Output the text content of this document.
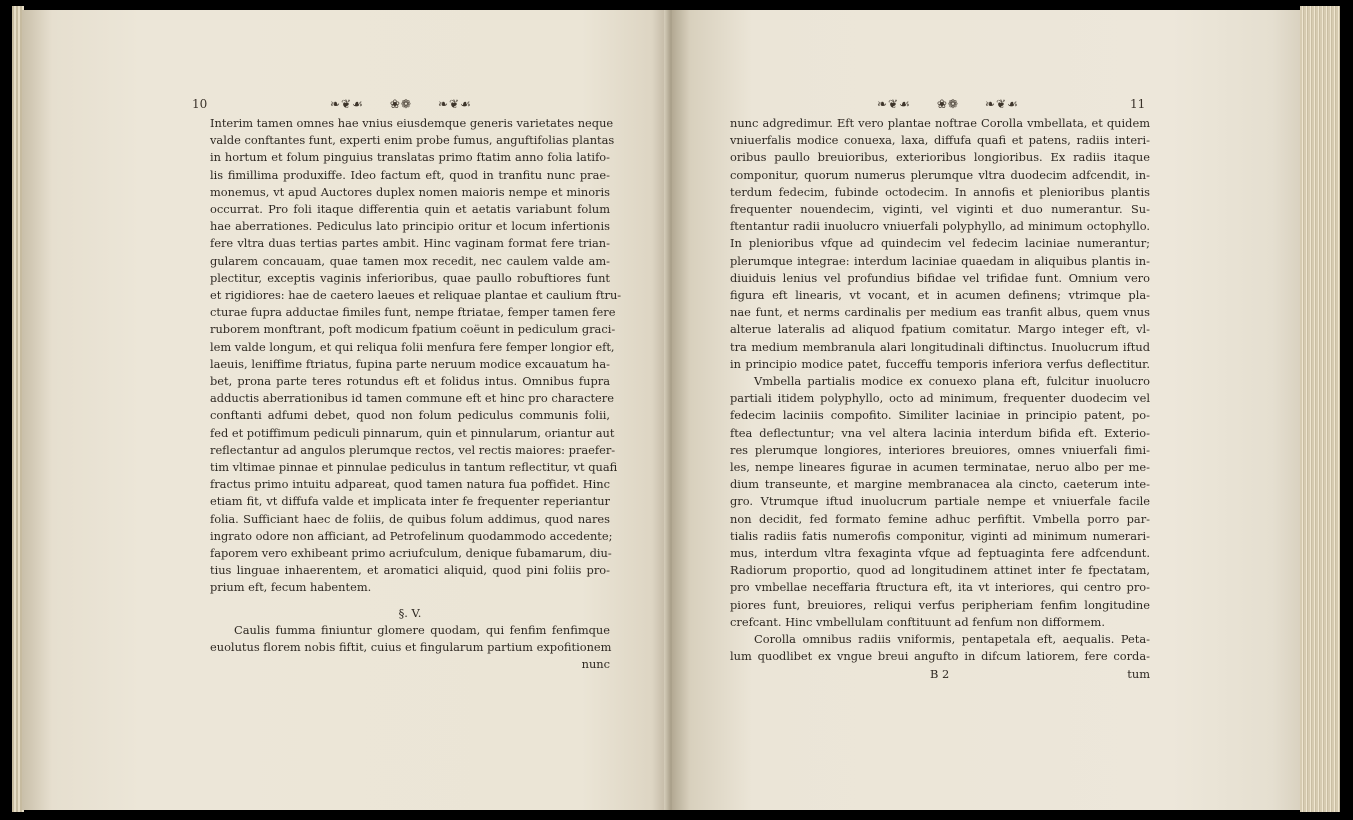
10	❧❦☙ ❀❁ ❧❦☙
Interim tamen omnes hae vnius eiusdemque generis varietates neque
valde conftantes funt, experti enim probe fumus, anguftifolias plantas
in hortum et folum pinguius translatas primo ftatim anno folia latifo-
lis fimillima produxiffe. Ideo factum eft, quod in tranfitu nunc prae-
monemus, vt apud Auctores duplex nomen maioris nempe et minoris
occurrat. Pro foli itaque differentia quin et aetatis variabunt folum
hae aberrationes. Pediculus lato principio oritur et locum infertionis
fere vltra duas tertias partes ambit. Hinc vaginam format fere trian-
gularem concauam, quae tamen mox recedit, nec caulem valde am-
plectitur, exceptis vaginis inferioribus, quae paullo robuftiores funt
et rigidiores: hae de caetero laeues et reliquae plantae et caulium ftru-
cturae fupra adductae fimiles funt, nempe ftriatae, femper tamen fere
ruborem monftrant, poft modicum fpatium coëunt in pediculum graci-
lem valde longum, et qui reliqua folii menfura fere femper longior eft,
laeuis, leniffime ftriatus, fupina parte neruum modice excauatum ha-
bet, prona parte teres rotundus eft et folidus intus. Omnibus fupra
adductis aberrationibus id tamen commune eft et hinc pro charactere
conftanti adfumi debet, quod non folum pediculus communis folii,
fed et potiffimum pediculi pinnarum, quin et pinnularum, oriantur aut
reflectantur ad angulos plerumque rectos, vel rectis maiores: praefer-
tim vltimae pinnae et pinnulae pediculus in tantum reflectitur, vt quafi
fractus primo intuitu adpareat, quod tamen natura fua poffidet. Hinc
etiam fit, vt diffufa valde et implicata inter fe frequenter reperiantur
folia. Sufficiant haec de foliis, de quibus folum addimus, quod nares
ingrato odore non afficiant, ad Petrofelinum quodammodo accedente;
faporem vero exhibeant primo acriufculum, denique fubamarum, diu-
tius linguae inhaerentem, et aromatici aliquid, quod pini foliis pro-
prium eft, fecum habentem.
§. V.
Caulis fumma finiuntur glomere quodam, qui fenfim fenfimque
euolutus florem nobis fiftit, cuius et fingularum partium expofitionem
nunc
❧❦☙ ❀❁ ❧❦☙	11
nunc adgredimur. Eft vero plantae noftrae Corolla vmbellata, et quidem
vniuerfalis modice conuexa, laxa, diffufa quafi et patens, radiis interi-
oribus paullo breuioribus, exterioribus longioribus. Ex radiis itaque
componitur, quorum numerus plerumque vltra duodecim adfcendit, in-
terdum fedecim, fubinde octodecim. In annofis et plenioribus plantis
frequenter nouendecim, viginti, vel viginti et duo numerantur. Su-
ftentantur radii inuolucro vniuerfali polyphyllo, ad minimum octophyllo.
In plenioribus vfque ad quindecim vel fedecim laciniae numerantur;
plerumque integrae: interdum laciniae quaedam in aliquibus plantis in-
diuiduis lenius vel profundius bifidae vel trifidae funt. Omnium vero
figura eft linearis, vt vocant, et in acumen definens; vtrimque pla-
nae funt, et nerms cardinalis per medium eas tranfit albus, quem vnus
alterue lateralis ad aliquod fpatium comitatur. Margo integer eft, vl-
tra medium membranula alari longitudinali diftinctus. Inuolucrum iftud
in principio modice patet, fucceffu temporis inferiora verfus deflectitur.
Vmbella partialis modice ex conuexo plana eft, fulcitur inuolucro
partiali itidem polyphyllo, octo ad minimum, frequenter duodecim vel
fedecim laciniis compofito. Similiter laciniae in principio patent, po-
ftea deflectuntur; vna vel altera lacinia interdum bifida eft. Exterio-
res plerumque longiores, interiores breuiores, omnes vniuerfali fimi-
les, nempe lineares figurae in acumen terminatae, neruo albo per me-
dium transeunte, et margine membranacea ala cincto, caeterum inte-
gro. Vtrumque iftud inuolucrum partiale nempe et vniuerfale facile
non decidit, fed formato femine adhuc perfiftit. Vmbella porro par-
tialis radiis fatis numerofis componitur, viginti ad minimum numerari-
mus, interdum vltra fexaginta vfque ad feptuaginta fere adfcendunt.
Radiorum proportio, quod ad longitudinem attinet inter fe fpectatam,
pro vmbellae neceffaria ftructura eft, ita vt interiores, qui centro pro-
piores funt, breuiores, reliqui verfus peripheriam fenfim longitudine
crefcant. Hinc vmbellulam conftituunt ad fenfum non difformem.
Corolla omnibus radiis vniformis, pentapetala eft, aequalis. Peta-
lum quodlibet ex vngue breui angufto in difcum latiorem, fere corda-
B 2	tum
